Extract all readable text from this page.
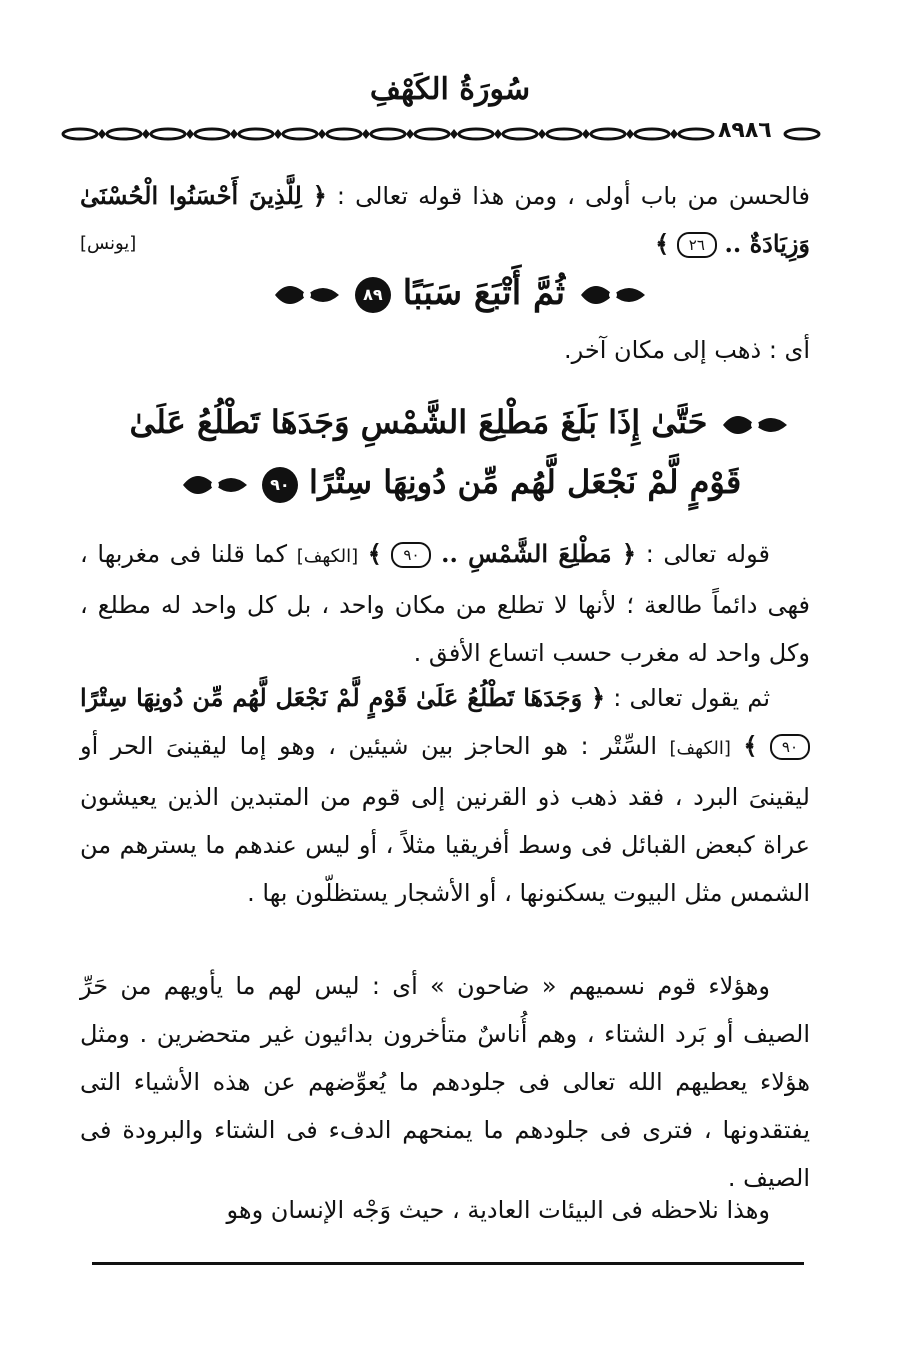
سُورَةُ الكَهْفِ
٨٩٨٦
فالحسن من باب أولى ، ومن هذا قوله تعالى : ﴿ لِلَّذِينَ أَحْسَنُوا الْحُسْنَىٰ وَزِيَادَةٌ .. ٢٦ ﴾
[يونس]
ثُمَّ أَتْبَعَ سَبَبًا ٨٩
أى : ذهب إلى مكان آخر.
حَتَّىٰ إِذَا بَلَغَ مَطْلِعَ الشَّمْسِ وَجَدَهَا تَطْلُعُ عَلَىٰ
قَوْمٍ لَّمْ نَجْعَل لَّهُم مِّن دُونِهَا سِتْرًا ٩٠
قوله تعالى : ﴿ مَطْلِعَ الشَّمْسِ .. ٩٠ ﴾ [الكهف] كما قلنا فى مغربها ، فهى دائماً طالعة ؛ لأنها لا تطلع من مكان واحد ، بل كل واحد له مطلع ، وكل واحد له مغرب حسب اتساع الأفق .
ثم يقول تعالى : ﴿ وَجَدَهَا تَطْلُعُ عَلَىٰ قَوْمٍ لَّمْ نَجْعَل لَّهُم مِّن دُونِهَا سِتْرًا ٩٠ ﴾ [الكهف] السِّتْر : هو الحاجز بين شيئين ، وهو إما ليقينىَ الحر أو ليقينىَ البرد ، فقد ذهب ذو القرنين إلى قوم من المتبدين الذين يعيشون عراة كبعض القبائل فى وسط أفريقيا مثلاً ، أو ليس عندهم ما يسترهم من الشمس مثل البيوت يسكنونها ، أو الأشجار يستظلّون بها .
وهؤلاء قوم نسميهم « ضاحون » أى : ليس لهم ما يأويهم من حَرِّ الصيف أو بَرد الشتاء ، وهم أُناسٌ متأخرون بدائيون غير متحضرين . ومثل هؤلاء يعطيهم الله تعالى فى جلودهم ما يُعوِّضهم عن هذه الأشياء التى يفتقدونها ، فترى فى جلودهم ما يمنحهم الدفء فى الشتاء والبرودة فى الصيف .
وهذا نلاحظه فى البيئات العادية ، حيث وَجْه الإنسان وهو
